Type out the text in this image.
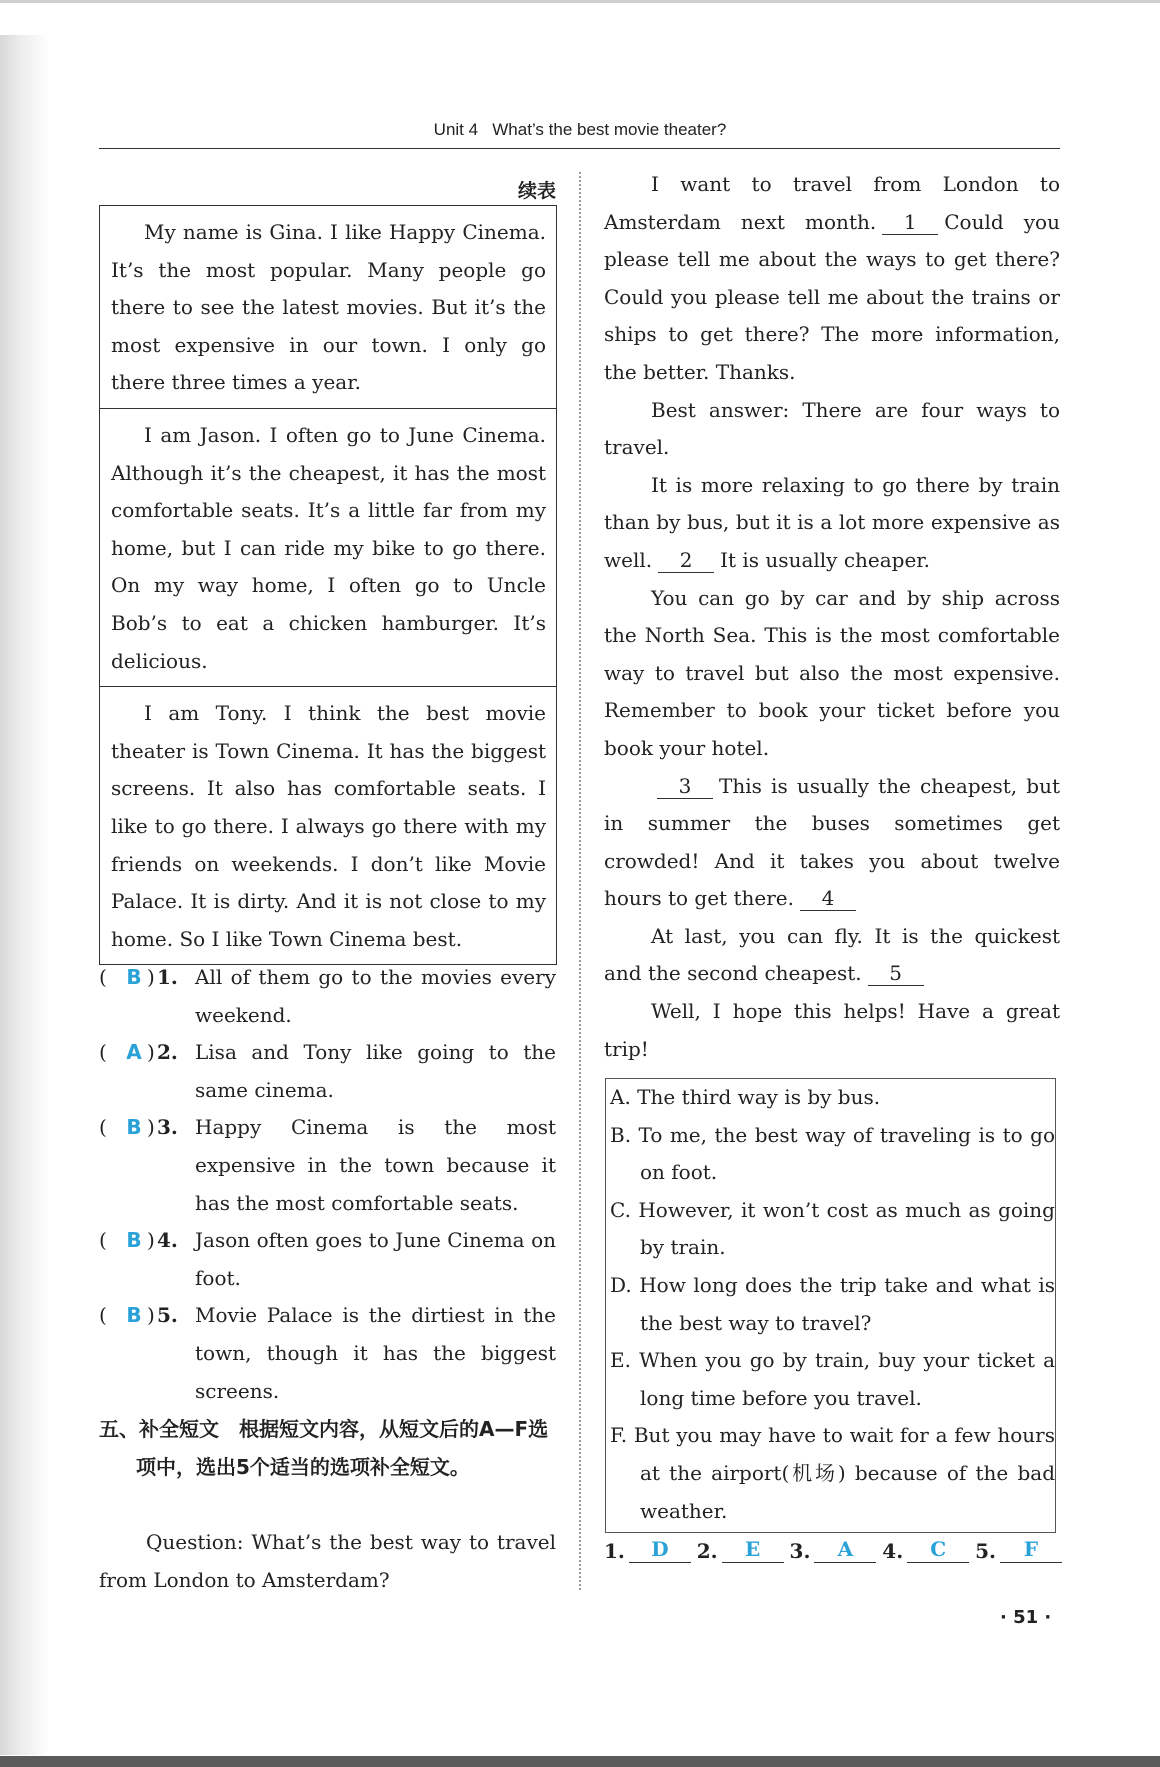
Unit 4 What’s the best movie theater?
续表
My name is Gina. I like Happy Cinema. It’s the most popular. Many people go there to see the latest movies. But it’s the most expensive in our town. I only go there three times a year.
I am Jason. I often go to June Cinema. Although it’s the cheapest, it has the most comfortable seats. It’s a little far from my home, but I can ride my bike to go there. On my way home, I often go to Uncle Bob’s to eat a chicken hamburger. It’s delicious.
I am Tony. I think the best movie theater is Town Cinema. It has the biggest screens. It also has comfortable seats. I like to go there. I always go there with my friends on weekends. I don’t like Movie Palace. It is dirty. And it is not close to my home. So I like Town Cinema best.
( B ) 1. All of them go to the movies every weekend.
( A ) 2. Lisa and Tony like going to the same cinema.
( B ) 3. Happy Cinema is the most expensive in the town because it has the most comfortable seats.
( B ) 4. Jason often goes to June Cinema on foot.
( B ) 5. Movie Palace is the dirtiest in the town, though it has the biggest screens.
五、补全短文　根据短文内容，从短文后的A—F选项中，选出5个适当的选项补全短文。
Question: What’s the best way to travel from London to Amsterdam?

I want to travel from London to Amsterdam next month. 1 Could you please tell me about the ways to get there? Could you please tell me about the trains or ships to get there? The more information, the better. Thanks.

Best answer: There are four ways to travel.

It is more relaxing to go there by train than by bus, but it is a lot more expensive as well. 2 It is usually cheaper.

You can go by car and by ship across the North Sea. This is the most comfortable way to travel but also the most expensive. Remember to book your ticket before you book your hotel.

3 This is usually the cheapest, but in summer the buses sometimes get crowded! And it takes you about twelve hours to get there. 4

At last, you can fly. It is the quickest and the second cheapest. 5

Well, I hope this helps! Have a great trip!

A. The third way is by bus.
B. To me, the best way of traveling is to go on foot.
C. However, it won’t cost as much as going by train.
D. How long does the trip take and what is the best way to travel?
E. When you go by train, buy your ticket a long time before you travel.
F. But you may have to wait for a few hours at the airport(机场) because of the bad weather.
1.	D	2.	E	3.	A	4.	C	5.	F
· 51 ·
